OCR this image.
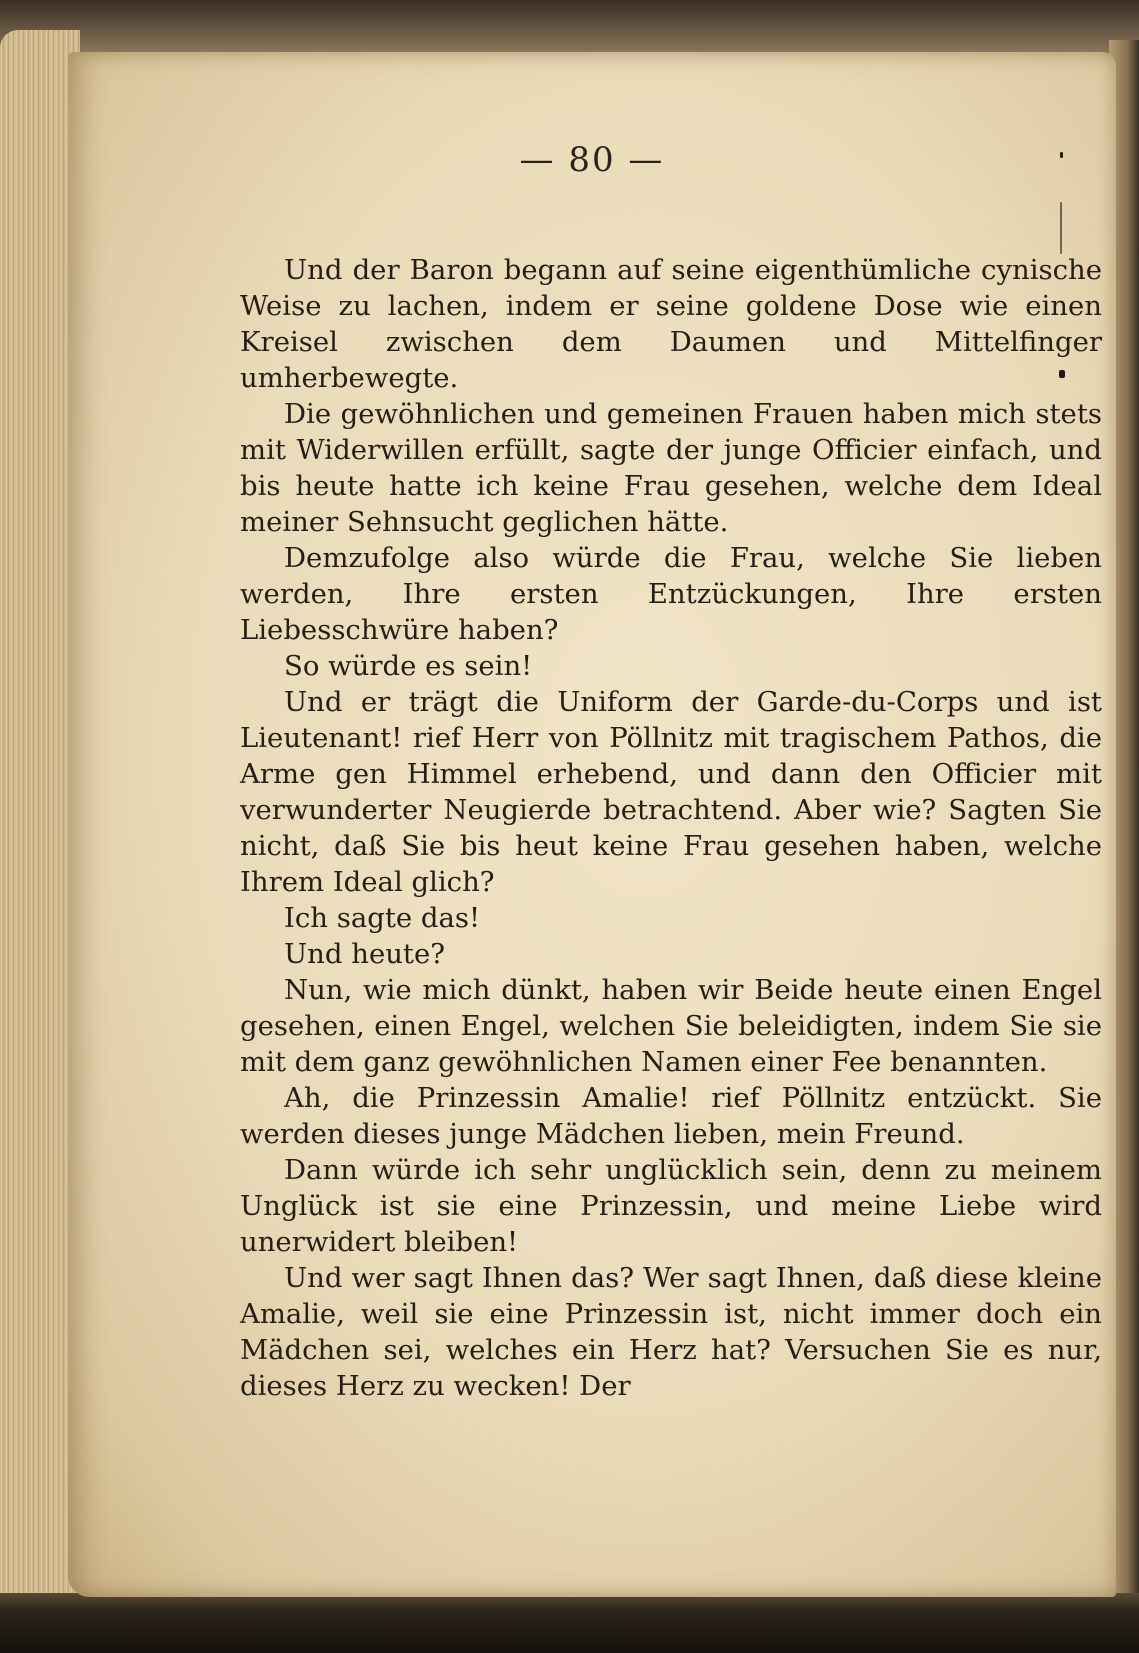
— 80 —

Und der Baron begann auf seine eigenthümliche cynische Weise zu lachen, indem er seine goldene Dose wie einen Kreisel zwischen dem Daumen und Mittelfinger umherbewegte.

Die gewöhnlichen und gemeinen Frauen haben mich stets mit Widerwillen erfüllt, sagte der junge Officier einfach, und bis heute hatte ich keine Frau gesehen, welche dem Ideal meiner Sehnsucht geglichen hätte.

Demzufolge also würde die Frau, welche Sie lieben werden, Ihre ersten Entzückungen, Ihre ersten Liebesschwüre haben?

So würde es sein!

Und er trägt die Uniform der Garde-du-Corps und ist Lieutenant! rief Herr von Pöllnitz mit tragischem Pathos, die Arme gen Himmel erhebend, und dann den Officier mit verwunderter Neugierde betrachtend. Aber wie? Sagten Sie nicht, daß Sie bis heut keine Frau gesehen haben, welche Ihrem Ideal glich?

Ich sagte das!

Und heute?

Nun, wie mich dünkt, haben wir Beide heute einen Engel gesehen, einen Engel, welchen Sie beleidigten, indem Sie sie mit dem ganz gewöhnlichen Namen einer Fee benannten.

Ah, die Prinzessin Amalie! rief Pöllnitz entzückt. Sie werden dieses junge Mädchen lieben, mein Freund.

Dann würde ich sehr unglücklich sein, denn zu meinem Unglück ist sie eine Prinzessin, und meine Liebe wird unerwidert bleiben!

Und wer sagt Ihnen das? Wer sagt Ihnen, daß diese kleine Amalie, weil sie eine Prinzessin ist, nicht immer doch ein Mädchen sei, welches ein Herz hat? Versuchen Sie es nur, dieses Herz zu wecken! Der
